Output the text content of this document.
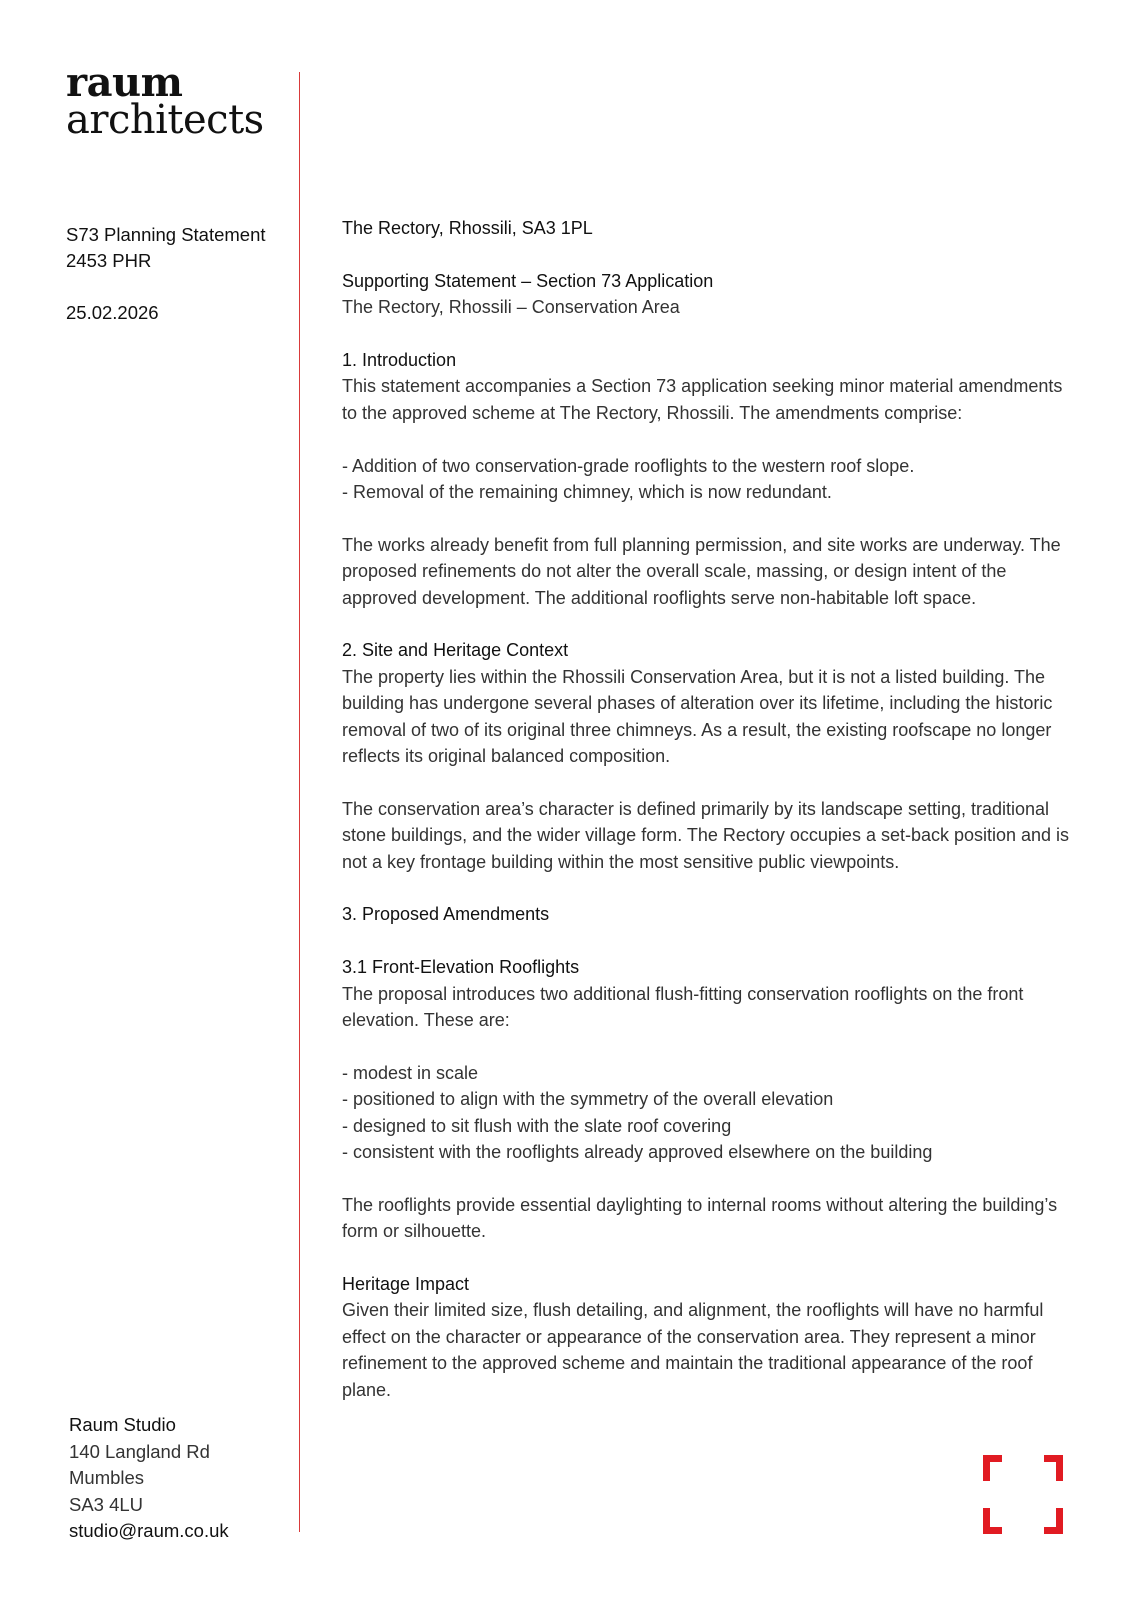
raum
architects
S73 Planning Statement
2453 PHR
25.02.2026

The Rectory, Rhossili, SA3 1PL

Supporting Statement – Section 73 Application

The Rectory, Rhossili – Conservation Area

1. Introduction

This statement accompanies a Section 73 application seeking minor material amendments to the approved scheme at The Rectory, Rhossili. The amendments comprise:

- Addition of two conservation-grade rooflights to the western roof slope.

- Removal of the remaining chimney, which is now redundant.

The works already benefit from full planning permission, and site works are underway. The proposed refinements do not alter the overall scale, massing, or design intent of the approved development. The additional rooflights serve non-habitable loft space.

2. Site and Heritage Context

The property lies within the Rhossili Conservation Area, but it is not a listed building. The building has undergone several phases of alteration over its lifetime, including the historic removal of two of its original three chimneys. As a result, the existing roofscape no longer reflects its original balanced composition.

The conservation area’s character is defined primarily by its landscape setting, traditional stone buildings, and the wider village form. The Rectory occupies a set-back position and is not a key frontage building within the most sensitive public viewpoints.

3. Proposed Amendments

3.1 Front-Elevation Rooflights

The proposal introduces two additional flush-fitting conservation rooflights on the front elevation. These are:

- modest in scale

- positioned to align with the symmetry of the overall elevation

- designed to sit flush with the slate roof covering

- consistent with the rooflights already approved elsewhere on the building

The rooflights provide essential daylighting to internal rooms without altering the building’s form or silhouette.

Heritage Impact

Given their limited size, flush detailing, and alignment, the rooflights will have no harmful effect on the character or appearance of the conservation area. They represent a minor refinement to the approved scheme and maintain the traditional appearance of the roof plane.

Raum Studio
140 Langland Rd
Mumbles
SA3 4LU
studio@raum.co.uk
